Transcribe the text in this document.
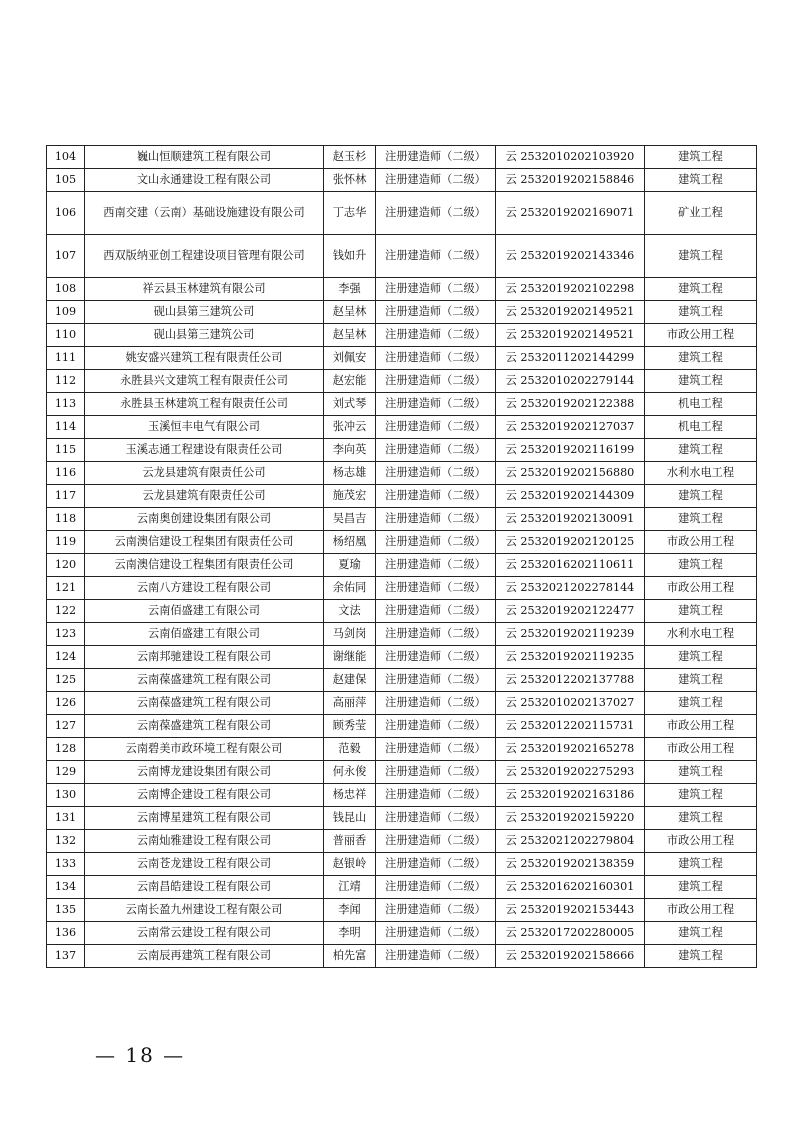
104	巍山恒顺建筑工程有限公司	赵玉杉	注册建造师（二级）	云 2532010202103920	建筑工程
105	文山永通建设工程有限公司	张怀林	注册建造师（二级）	云 2532019202158846	建筑工程
106	西南交建（云南）基础设施建设有限公司	丁志华	注册建造师（二级）	云 2532019202169071	矿业工程
107	西双版纳亚创工程建设项目管理有限公司	钱如升	注册建造师（二级）	云 2532019202143346	建筑工程
108	祥云县玉林建筑有限公司	李强	注册建造师（二级）	云 2532019202102298	建筑工程
109	砚山县第三建筑公司	赵呈林	注册建造师（二级）	云 2532019202149521	建筑工程
110	砚山县第三建筑公司	赵呈林	注册建造师（二级）	云 2532019202149521	市政公用工程
111	姚安盛兴建筑工程有限责任公司	刘佩安	注册建造师（二级）	云 2532011202144299	建筑工程
112	永胜县兴文建筑工程有限责任公司	赵宏能	注册建造师（二级）	云 2532010202279144	建筑工程
113	永胜县玉林建筑工程有限责任公司	刘式琴	注册建造师（二级）	云 2532019202122388	机电工程
114	玉溪恒丰电气有限公司	张冲云	注册建造师（二级）	云 2532019202127037	机电工程
115	玉溪志通工程建设有限责任公司	李向英	注册建造师（二级）	云 2532019202116199	建筑工程
116	云龙县建筑有限责任公司	杨志雄	注册建造师（二级）	云 2532019202156880	水利水电工程
117	云龙县建筑有限责任公司	施茂宏	注册建造师（二级）	云 2532019202144309	建筑工程
118	云南奥创建设集团有限公司	吴昌吉	注册建造师（二级）	云 2532019202130091	建筑工程
119	云南澳信建设工程集团有限责任公司	杨绍凰	注册建造师（二级）	云 2532019202120125	市政公用工程
120	云南澳信建设工程集团有限责任公司	夏瑜	注册建造师（二级）	云 2532016202110611	建筑工程
121	云南八方建设工程有限公司	余佑同	注册建造师（二级）	云 2532021202278144	市政公用工程
122	云南佰盛建工有限公司	文法	注册建造师（二级）	云 2532019202122477	建筑工程
123	云南佰盛建工有限公司	马剑岗	注册建造师（二级）	云 2532019202119239	水利水电工程
124	云南邦驰建设工程有限公司	谢继能	注册建造师（二级）	云 2532019202119235	建筑工程
125	云南葆盛建筑工程有限公司	赵建保	注册建造师（二级）	云 2532012202137788	建筑工程
126	云南葆盛建筑工程有限公司	高丽萍	注册建造师（二级）	云 2532010202137027	建筑工程
127	云南葆盛建筑工程有限公司	顾秀莹	注册建造师（二级）	云 2532012202115731	市政公用工程
128	云南碧美市政环境工程有限公司	范毅	注册建造师（二级）	云 2532019202165278	市政公用工程
129	云南博龙建设集团有限公司	何永俊	注册建造师（二级）	云 2532019202275293	建筑工程
130	云南博企建设工程有限公司	杨忠祥	注册建造师（二级）	云 2532019202163186	建筑工程
131	云南博星建筑工程有限公司	钱昆山	注册建造师（二级）	云 2532019202159220	建筑工程
132	云南灿雅建设工程有限公司	普丽香	注册建造师（二级）	云 2532021202279804	市政公用工程
133	云南苍龙建设工程有限公司	赵银岭	注册建造师（二级）	云 2532019202138359	建筑工程
134	云南昌皓建设工程有限公司	江靖	注册建造师（二级）	云 2532016202160301	建筑工程
135	云南长盈九州建设工程有限公司	李闻	注册建造师（二级）	云 2532019202153443	市政公用工程
136	云南常云建设工程有限公司	李明	注册建造师（二级）	云 2532017202280005	建筑工程
137	云南辰再建筑工程有限公司	柏先富	注册建造师（二级）	云 2532019202158666	建筑工程
— 18 —
